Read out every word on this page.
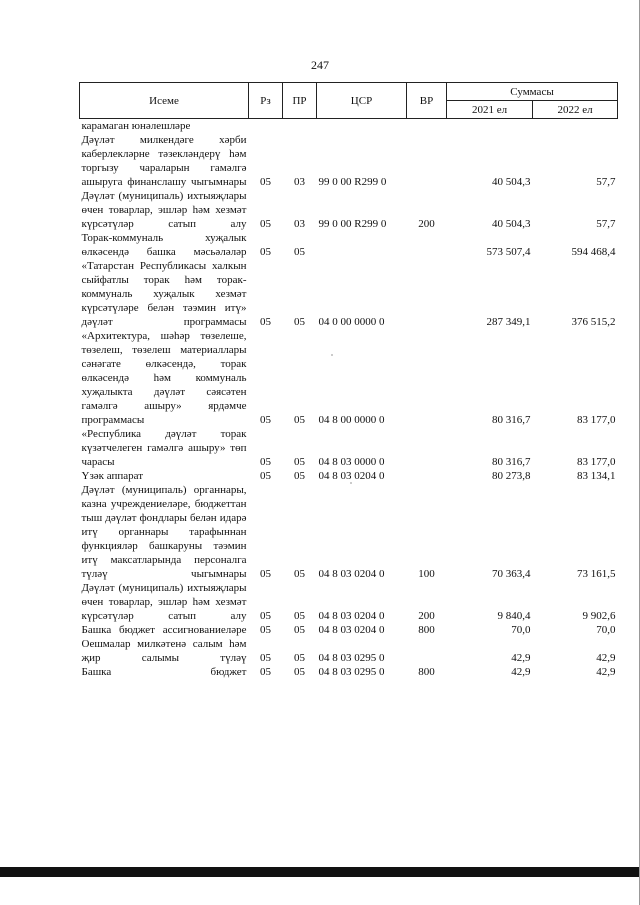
247
Исеме	Рз	ПР	ЦСР	ВР	Суммасы	
					2021 ел	2022 ел
карамаган юнәлешләре						
Дәүләт милкендәге хәрби каберлекләрне тәзекләндерү һәм торгызу чараларын гамәлгә ашыруга финанслашу чыгымнары	05	03	99 0 00 R299 0		40 504,3	57,7
Дәүләт (муниципаль) ихтыяҗлары өчен товарлар, эшләр һәм хезмәт күрсәтүләр сатып алу	05	03	99 0 00 R299 0	200	40 504,3	57,7
Торак-коммуналь хуҗалык өлкәсендә башка мәсьәләләр	05	05			573 507,4	594 468,4
«Татарстан Республикасы халкын сыйфатлы торак һәм торак-коммуналь хуҗалык хезмәт күрсәтүләре белән тәэмин итү» дәүләт программасы	05	05	04 0 00 0000 0		287 349,1	376 515,2
«Архитектура, шәһәр төзелеше, төзелеш, төзелеш материаллары сәнәгате өлкәсендә, торак өлкәсендә һәм коммуналь хуҗалыкта дәүләт сәясәтен гамәлгә ашыру» ярдәмче программасы	05	05	04 8 00 0000 0		80 316,7	83 177,0
«Республика дәүләт торак күзәтчелеген гамәлгә ашыру» төп чарасы	05	05	04 8 03 0000 0		80 316,7	83 177,0
Үзәк аппарат	05	05	04 8 03 0204 0		80 273,8	83 134,1
Дәүләт (муниципаль) органнары, казна учреждениеләре, бюджеттан тыш дәүләт фондлары белән идарә итү органнары тарафыннан функцияләр башкаруны тәэмин итү максатларында персоналга түләү чыгымнары	05	05	04 8 03 0204 0	100	70 363,4	73 161,5
Дәүләт (муниципаль) ихтыяҗлары өчен товарлар, эшләр һәм хезмәт күрсәтүләр сатып алу	05	05	04 8 03 0204 0	200	9 840,4	9 902,6
Башка бюджет ассигнованиеләре	05	05	04 8 03 0204 0	800	70,0	70,0
Оешмалар милкәтенә салым һәм җир салымы түләү	05	05	04 8 03 0295 0		42,9	42,9
Башка бюджет	05	05	04 8 03 0295 0	800	42,9	42,9
